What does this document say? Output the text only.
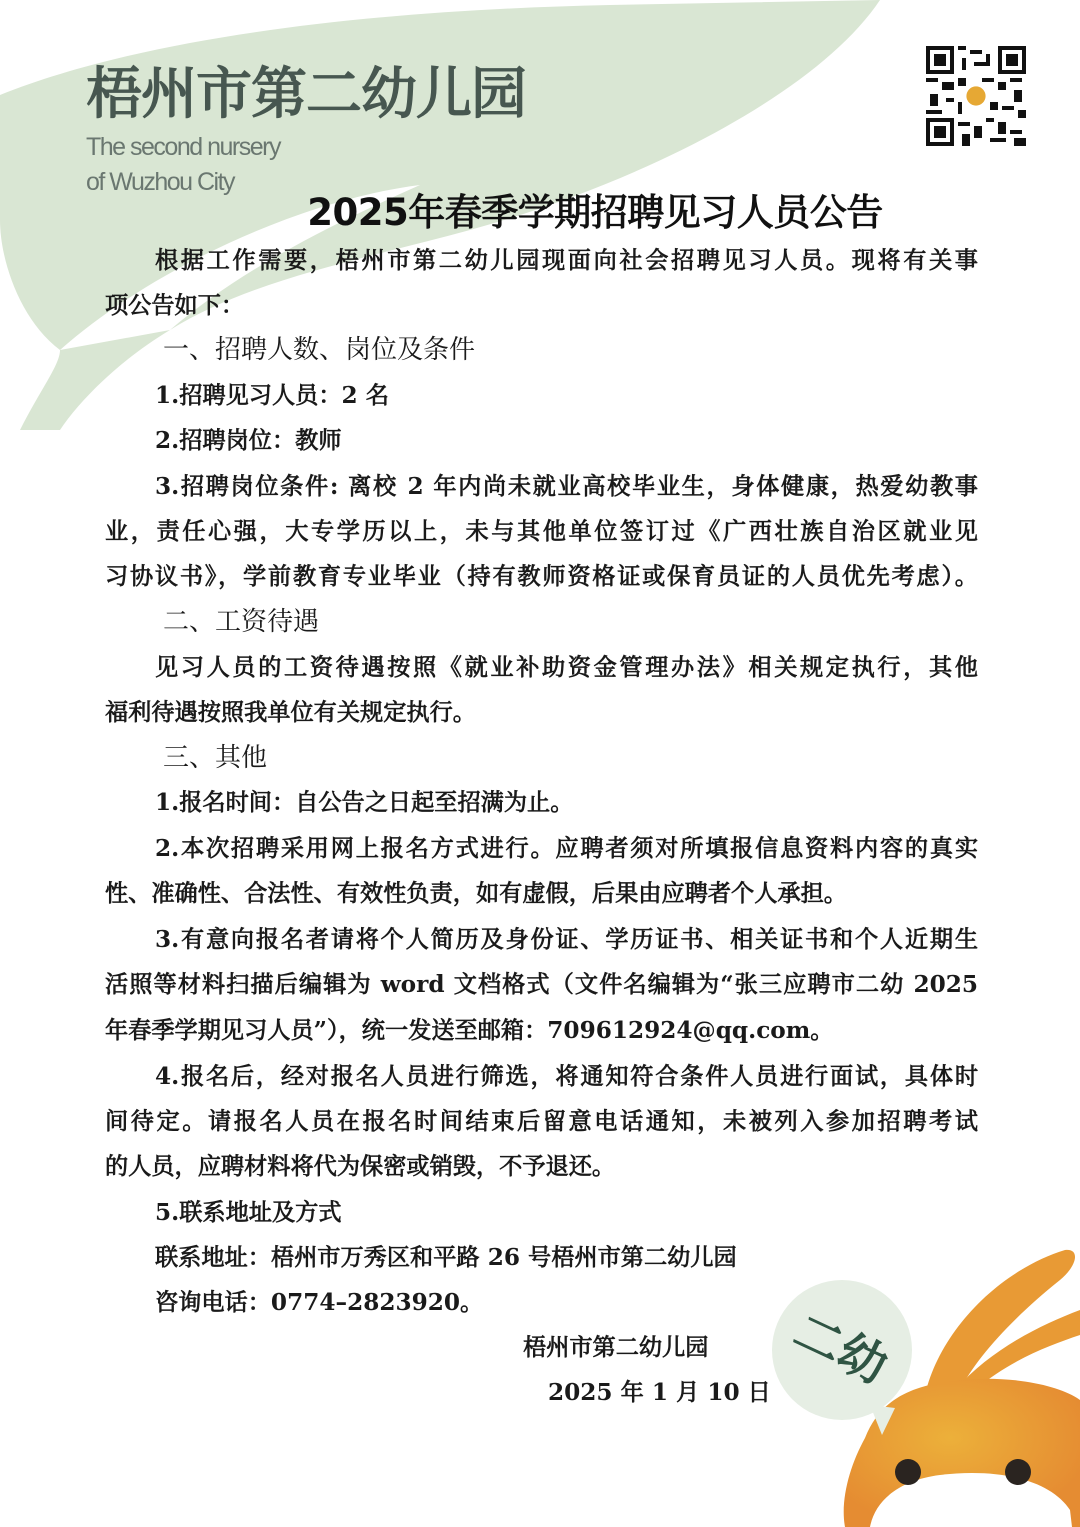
梧州市第二幼儿园
The second nursery
of Wuzhou City
2025年春季学期招聘见习人员公告
根据工作需要，梧州市第二幼儿园现面向社会招聘见习人员。现将有关事
项公告如下：
一、招聘人数、岗位及条件
1.招聘见习人员：2 名
2.招聘岗位：教师
3.招聘岗位条件: 离校 2 年内尚未就业高校毕业生，身体健康，热爱幼教事
业，责任心强，大专学历以上，未与其他单位签订过《广西壮族自治区就业见
习协议书》，学前教育专业毕业（持有教师资格证或保育员证的人员优先考虑）。
二、工资待遇
见习人员的工资待遇按照《就业补助资金管理办法》相关规定执行，其他
福利待遇按照我单位有关规定执行。
三、其他
1.报名时间：自公告之日起至招满为止。
2.本次招聘采用网上报名方式进行。应聘者须对所填报信息资料内容的真实
性、准确性、合法性、有效性负责，如有虚假，后果由应聘者个人承担。
3.有意向报名者请将个人简历及身份证、学历证书、相关证书和个人近期生
活照等材料扫描后编辑为 word 文档格式（文件名编辑为“张三应聘市二幼 2025
年春季学期见习人员”），统一发送至邮箱：709612924@qq.com。
4.报名后，经对报名人员进行筛选，将通知符合条件人员进行面试，具体时
间待定。请报名人员在报名时间结束后留意电话通知，未被列入参加招聘考试
的人员，应聘材料将代为保密或销毁，不予退还。
5.联系地址及方式
联系地址：梧州市万秀区和平路 26 号梧州市第二幼儿园
咨询电话：0774–2823920。
梧州市第二幼儿园
2025 年 1 月 10 日 二幼
